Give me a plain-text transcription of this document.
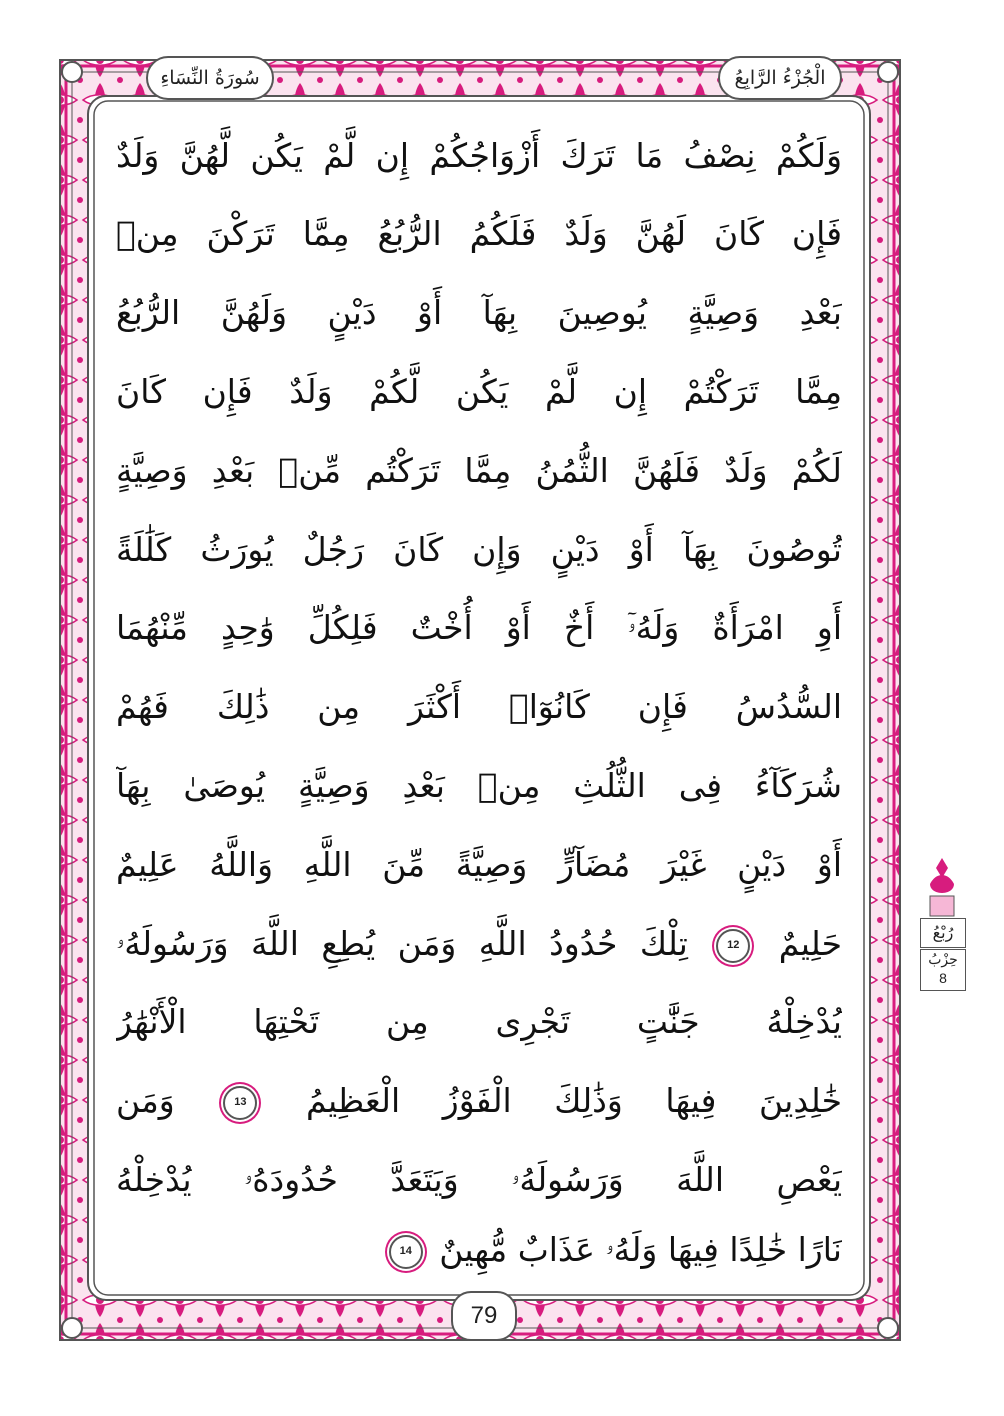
الْجُزْءُ الرَّابِعُ
سُورَةُ النِّسَاءِ
وَلَكُمْ نِصْفُ مَا تَرَكَ أَزْوَاجُكُمْ إِن لَّمْ يَكُن لَّهُنَّ وَلَدٌ
فَإِن كَانَ لَهُنَّ وَلَدٌ فَلَكُمُ الرُّبُعُ مِمَّا تَرَكْنَ مِنۢ
بَعْدِ وَصِيَّةٍ يُوصِينَ بِهَآ أَوْ دَيْنٍ وَلَهُنَّ الرُّبُعُ
مِمَّا تَرَكْتُمْ إِن لَّمْ يَكُن لَّكُمْ وَلَدٌ فَإِن كَانَ
لَكُمْ وَلَدٌ فَلَهُنَّ الثُّمُنُ مِمَّا تَرَكْتُم مِّنۢ بَعْدِ وَصِيَّةٍ
تُوصُونَ بِهَآ أَوْ دَيْنٍ وَإِن كَانَ رَجُلٌ يُورَثُ كَلَٰلَةً
أَوِ امْرَأَةٌ وَلَهُۥٓ أَخٌ أَوْ أُخْتٌ فَلِكُلِّ وَٰحِدٍ مِّنْهُمَا
السُّدُسُ فَإِن كَانُوٓا۟ أَكْثَرَ مِن ذَٰلِكَ فَهُمْ
شُرَكَآءُ فِى الثُّلُثِ مِنۢ بَعْدِ وَصِيَّةٍ يُوصَىٰ بِهَآ
أَوْ دَيْنٍ غَيْرَ مُضَآرٍّ وَصِيَّةً مِّنَ اللَّهِ وَاللَّهُ عَلِيمٌ
حَلِيمٌ 12 تِلْكَ حُدُودُ اللَّهِ وَمَن يُطِعِ اللَّهَ وَرَسُولَهُۥ
يُدْخِلْهُ جَنَّٰتٍ تَجْرِى مِن تَحْتِهَا الْأَنْهَٰرُ
خَٰلِدِينَ فِيهَا وَذَٰلِكَ الْفَوْزُ الْعَظِيمُ 13 وَمَن
يَعْصِ اللَّهَ وَرَسُولَهُۥ وَيَتَعَدَّ حُدُودَهُۥ يُدْخِلْهُ
نَارًا خَٰلِدًا فِيهَا وَلَهُۥ عَذَابٌ مُّهِينٌ 14
79
رُبْعُ
حِزْبُ
8
